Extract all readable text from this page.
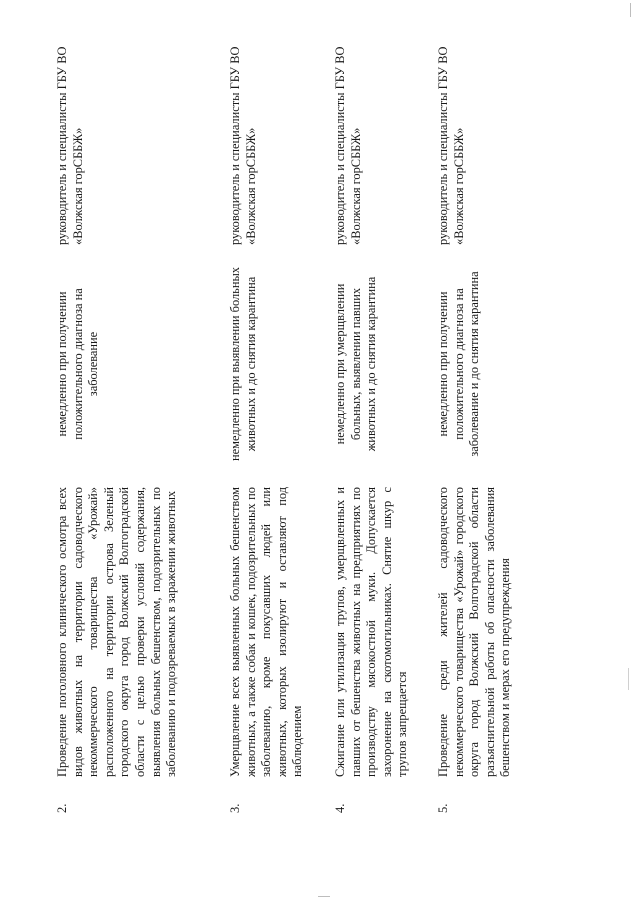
2.
Проведение поголовного клинического осмотра всех видов животных на территории садоводческого некоммерческого товарищества «Урожай» расположенного на территории острова Зеленый городского округа город Волжский Волгоградской области с целью проверки условий содержания, выявления больных бешенством, подозрительных по заболеванию и подозреваемых в заражении животных
немедленно при получении положительного диагноза на заболевание
руководитель и специалисты ГБУ ВО «Волжская горСББЖ»
3.
Умерщвление всех выявленных больных бешенством животных, а также собак и кошек, подозрительных по заболеванию, кроме покусавших людей или животных, которых изолируют и оставляют под наблюдением
немедленно при выявлении больных животных и до снятия карантина
руководитель и специалисты ГБУ ВО «Волжская горСББЖ»
4.
Сжигание или утилизация трупов, умерщвленных и павших от бешенства животных на предприятиях по производству мясокостной муки. Допускается захоронение на скотомогильниках. Снятие шкур с трупов запрещается
немедленно при умерщвлении больных, выявлении павших животных и до снятия карантина
руководитель и специалисты ГБУ ВО «Волжская горСББЖ»
5.
Проведение среди жителей садоводческого некоммерческого товарищества «Урожай» городского округа город Волжский Волгоградской области разъяснительной работы об опасности заболевания бешенством и мерах его предупреждения
немедленно при получении положительного диагноза на заболевание и до снятия карантина
руководитель и специалисты ГБУ ВО «Волжская горСББЖ»
